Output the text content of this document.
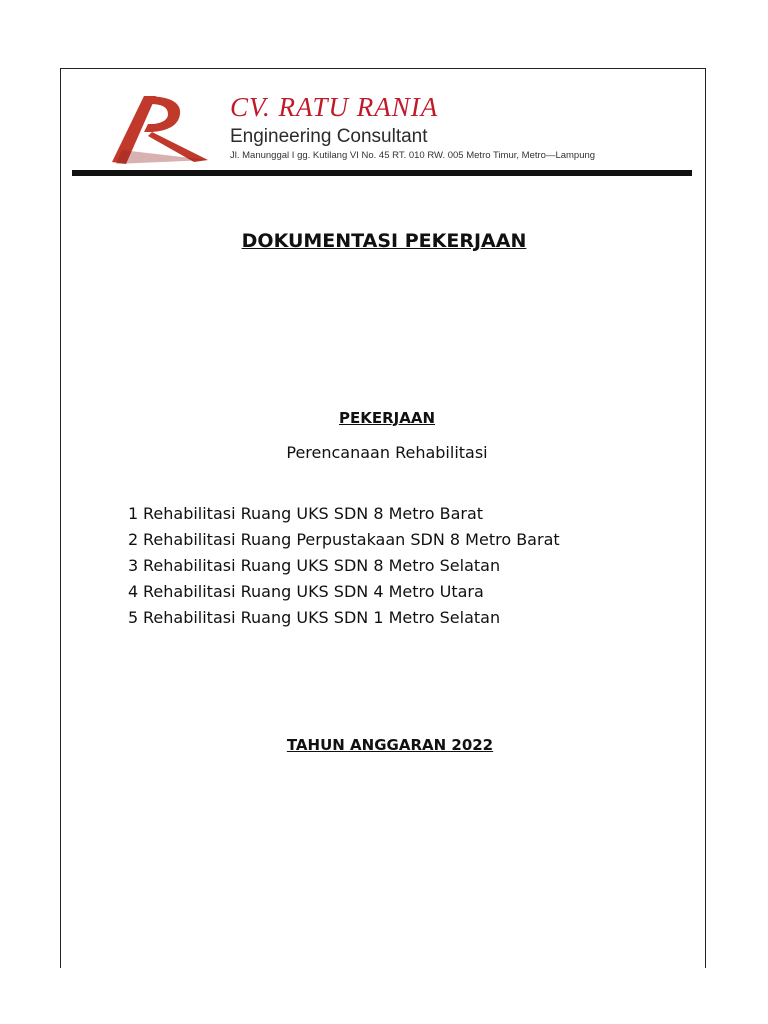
CV. RATU RANIA
Engineering Consultant
Jl. Manunggal I gg. Kutilang VI No. 45 RT. 010 RW. 005 Metro Timur, Metro—Lampung
DOKUMENTASI PEKERJAAN
PEKERJAAN
Perencanaan Rehabilitasi
1 Rehabilitasi Ruang UKS SDN 8 Metro Barat
2 Rehabilitasi Ruang Perpustakaan SDN 8 Metro Barat
3 Rehabilitasi Ruang UKS SDN 8 Metro Selatan
4 Rehabilitasi Ruang UKS SDN 4 Metro Utara
5 Rehabilitasi Ruang UKS SDN 1 Metro Selatan
TAHUN ANGGARAN 2022
